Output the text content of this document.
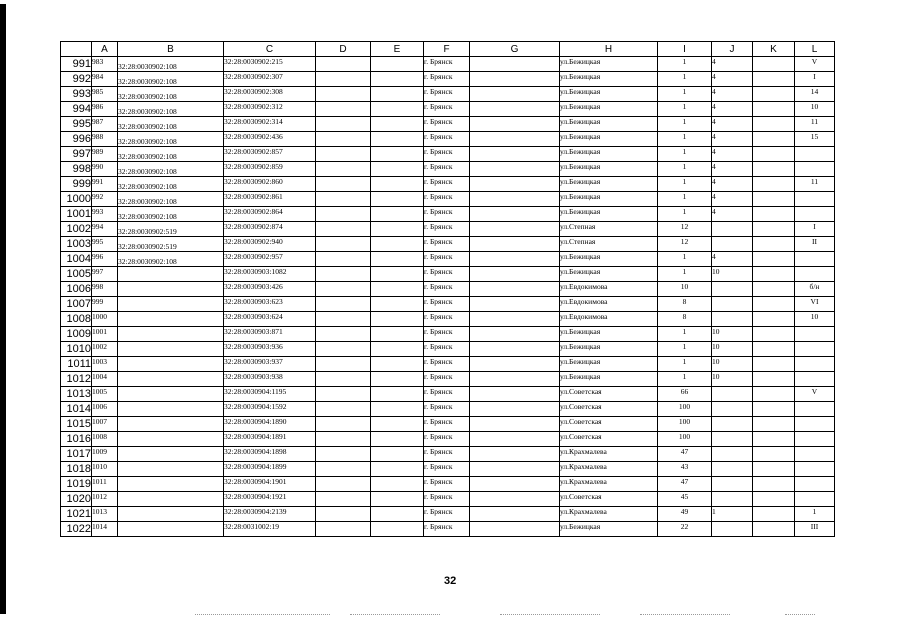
	A	B	C	D	E	F	G	H	I	J	K	L
991	983	32:28:0030902:108	32:28:0030902:215			г. Брянск		ул.Бежицкая	1	4		V
992	984	32:28:0030902:108	32:28:0030902:307			г. Брянск		ул.Бежицкая	1	4		I
993	985	32:28:0030902:108	32:28:0030902:308			г. Брянск		ул.Бежицкая	1	4		14
994	986	32:28:0030902:108	32:28:0030902:312			г. Брянск		ул.Бежицкая	1	4		10
995	987	32:28:0030902:108	32:28:0030902:314			г. Брянск		ул.Бежицкая	1	4		11
996	988	32:28:0030902:108	32:28:0030902:436			г. Брянск		ул.Бежицкая	1	4		15
997	989	32:28:0030902:108	32:28:0030902:857			г. Брянск		ул.Бежицкая	1	4		
998	990	32:28:0030902:108	32:28:0030902:859			г. Брянск		ул.Бежицкая	1	4		
999	991	32:28:0030902:108	32:28:0030902:860			г. Брянск		ул.Бежицкая	1	4		11
1000	992	32:28:0030902:108	32:28:0030902:861			г. Брянск		ул.Бежицкая	1	4		
1001	993	32:28:0030902:108	32:28:0030902:864			г. Брянск		ул.Бежицкая	1	4		
1002	994	32:28:0030902:519	32:28:0030902:874			г. Брянск		ул.Степная	12			I
1003	995	32:28:0030902:519	32:28:0030902:940			г. Брянск		ул.Степная	12			II
1004	996	32:28:0030902:108	32:28:0030902:957			г. Брянск		ул.Бежицкая	1	4		
1005	997		32:28:0030903:1082			г. Брянск		ул.Бежицкая	1	10		
1006	998		32:28:0030903:426			г. Брянск		ул.Евдокимова	10			б/н
1007	999		32:28:0030903:623			г. Брянск		ул.Евдокимова	8			VI
1008	1000		32:28:0030903:624			г. Брянск		ул.Евдокимова	8			10
1009	1001		32:28:0030903:871			г. Брянск		ул.Бежицкая	1	10		
1010	1002		32:28:0030903:936			г. Брянск		ул.Бежицкая	1	10		
1011	1003		32:28:0030903:937			г. Брянск		ул.Бежицкая	1	10		
1012	1004		32:28:0030903:938			г. Брянск		ул.Бежицкая	1	10		
1013	1005		32:28:0030904:1195			г. Брянск		ул.Советская	66			V
1014	1006		32:28:0030904:1592			г. Брянск		ул.Советская	100			
1015	1007		32:28:0030904:1890			г. Брянск		ул.Советская	100			
1016	1008		32:28:0030904:1891			г. Брянск		ул.Советская	100			
1017	1009		32:28:0030904:1898			г. Брянск		ул.Крахмалева	47			
1018	1010		32:28:0030904:1899			г. Брянск		ул.Крахмалева	43			
1019	1011		32:28:0030904:1901			г. Брянск		ул.Крахмалева	47			
1020	1012		32:28:0030904:1921			г. Брянск		ул.Советская	45			
1021	1013		32:28:0030904:2139			г. Брянск		ул.Крахмалева	49	1		1
1022	1014		32:28:0031002:19			г. Брянск		ул.Бежицкая	22			III
32
